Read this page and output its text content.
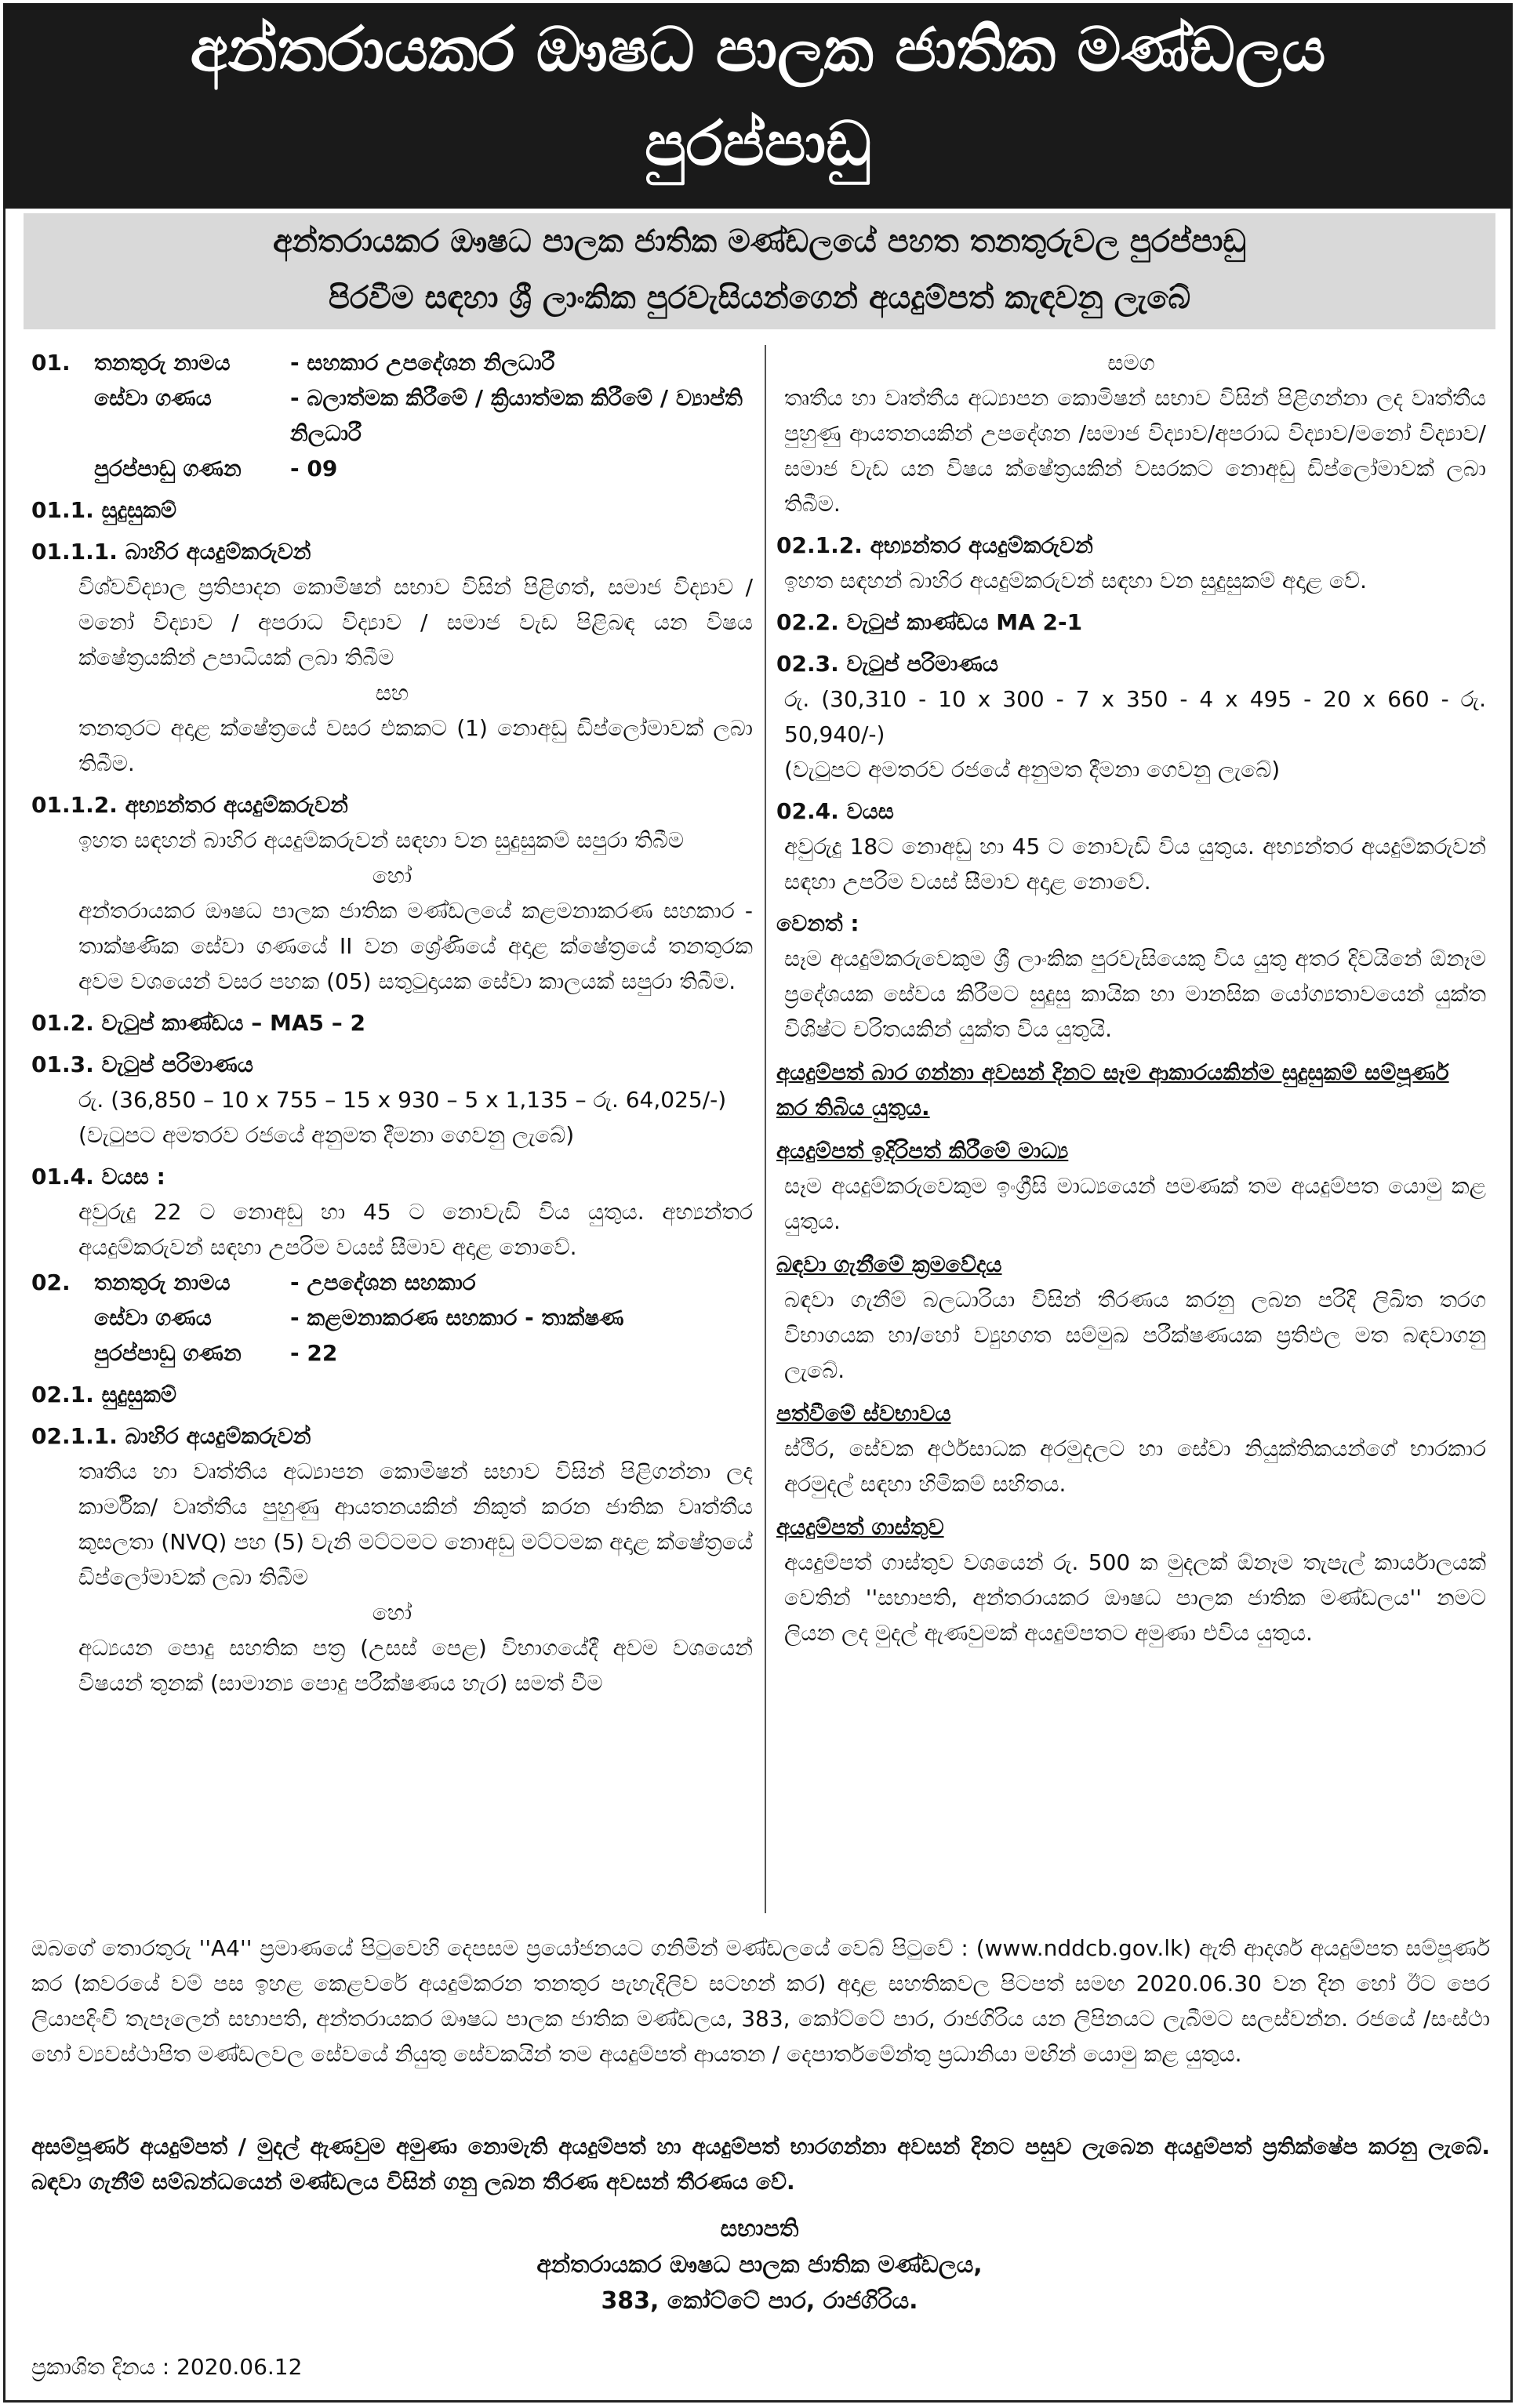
අන්තරායකර ඖෂධ පාලක ජාතික මණ්ඩලය
පුරප්පාඩු
අන්තරායකර ඖෂධ පාලක ජාතික මණ්ඩලයේ පහත තනතුරුවල පුරප්පාඩු
පිරවීම සඳහා ශ්‍රී ලාංකික පුරවැසියන්ගෙන් අයදුම්පත් කැඳවනු ලැබේ
01.	තනතුරු නාමය	- සහකාර උපදේශන නිලධාරී
සේවා ගණය	- බලාත්මක කිරීමේ / ක්‍රියාත්මක කිරීමේ / ව්‍යාප්ති නිලධාරී
පුරප්පාඩු ගණන	- 09
01.1. සුදුසුකම්
01.1.1. බාහිර අයදුම්කරුවන්
විශ්වවිද්‍යාල ප්‍රතිපාදන කොමිෂන් සභාව විසින් පිළිගත්, සමාජ විද්‍යාව / මනෝ විද්‍යාව / අපරාධ විද්‍යාව / සමාජ වැඩ පිළිබඳ යන විෂය ක්ෂේත්‍රයකින් උපාධියක් ලබා තිබීම
සහ
තනතුරට අදාළ ක්ෂේත්‍රයේ වසර එකකට (1) නොඅඩු ඩිප්ලෝමාවක් ලබා තිබීම.
01.1.2. අභ්‍යන්තර අයදුම්කරුවන්
ඉහත සඳහන් බාහිර අයදුම්කරුවන් සඳහා වන සුදුසුකම් සපුරා තිබීම
හෝ
අන්තරායකර ඖෂධ පාලක ජාතික මණ්ඩලයේ කළමනාකරණ සහකාර - තාක්ෂණික සේවා ගණයේ II වන ශ්‍රේණියේ අදාළ ක්ෂේත්‍රයේ තනතුරක අවම වශයෙන් වසර පහක (05) සතුටුදායක සේවා කාලයක් සපුරා තිබීම.
01.2. වැටුප් කාණ්ඩය – MA5 – 2
01.3. වැටුප් පරිමාණය
රු. (36,850 – 10 x 755 – 15 x 930 – 5 x 1,135 – රු. 64,025/-)
(වැටුපට අමතරව රජයේ අනුමත දීමනා ගෙවනු ලැබේ)
01.4. වයස :
අවුරුදු 22 ට නොඅඩු හා 45 ට නොවැඩි විය යුතුය. අභ්‍යන්තර අයදුම්කරුවන් සඳහා උපරිම වයස් සීමාව අදාළ නොවේ.
02.	තනතුරු නාමය	- උපදේශන සහකාර
සේවා ගණය	- කළමනාකරණ සහකාර - තාක්ෂණ
පුරප්පාඩු ගණන	- 22
02.1. සුදුසුකම්
02.1.1. බාහිර අයදුම්කරුවන්
තෘතීය හා වෘත්තීය අධ්‍යාපන කොමිෂන් සභාව විසින් පිළිගන්නා ලද කාර්මික/ වෘත්තීය පුහුණු ආයතනයකින් නිකුත් කරන ජාතික වෘත්තීය කුසලතා (NVQ) පහ (5) වැනි මට්ටමට නොඅඩු මට්ටමක අදාළ ක්ෂේත්‍රයේ ඩිප්ලෝමාවක් ලබා තිබීම
හෝ
අධ්‍යයන පොදු සහතික පත්‍ර (උසස් පෙළ) විභාගයේදී අවම වශයෙන් විෂයන් තුනක් (සාමාන්‍ය පොදු පරීක්ෂණය හැර) සමත් වීම
සමග
තෘතීය හා වෘත්තීය අධ්‍යාපන කොමිෂන් සභාව විසින් පිළිගන්නා ලද වෘත්තීය පුහුණු ආයතනයකින් උපදේශන /සමාජ විද්‍යාව/අපරාධ විද්‍යාව/මනෝ විද්‍යාව/සමාජ වැඩ යන විෂය ක්ෂේත්‍රයකින් වසරකට නොඅඩු ඩිප්ලෝමාවක් ලබා තිබීම.
02.1.2. අභ්‍යන්තර අයදුම්කරුවන්
ඉහත සඳහන් බාහිර අයදුම්කරුවන් සඳහා වන සුදුසුකම් අදාළ වේ.
02.2. වැටුප් කාණ්ඩය MA 2-1
02.3. වැටුප් පරිමාණය
රු. (30,310 - 10 x 300 - 7 x 350 - 4 x 495 - 20 x 660 - රු. 50,940/-)
(වැටුපට අමතරව රජයේ අනුමත දීමනා ගෙවනු ලැබේ)
02.4. වයස
අවුරුදු 18ට නොඅඩු හා 45 ට නොවැඩි විය යුතුය. අභ්‍යන්තර අයදුම්කරුවන් සඳහා උපරිම වයස් සීමාව අදාළ නොවේ.
වෙනත් :
සෑම අයදුම්කරුවෙකුම ශ්‍රී ලාංකික පුරවැසියෙකු විය යුතු අතර දිවයිනේ ඕනෑම ප්‍රදේශයක සේවය කිරීමට සුදුසු කායික හා මානසික යෝග්‍යතාවයෙන් යුක්ත විශිෂ්ට චරිතයකින් යුක්ත විය යුතුයි.
අයදුම්පත් බාර ගන්නා අවසන් දිනට සෑම ආකාරයකින්ම සුදුසුකම් සම්පූර්ණ කර තිබිය යුතුය.
අයදුම්පත් ඉදිරිපත් කිරීමේ මාධ්‍ය
සෑම අයදුම්කරුවෙකුම ඉංග්‍රීසි මාධ්‍යයෙන් පමණක් තම අයදුම්පත යොමු කළ යුතුය.
බඳවා ගැනීමේ ක්‍රමවේදය
බඳවා ගැනීම් බලධාරියා විසින් තීරණය කරනු ලබන පරිදි ලිඛිත තරග විභාගයක හා/හෝ ව්‍යුහගත සම්මුඛ පරීක්ෂණයක ප්‍රතිඵල මත බඳවාගනු ලැබේ.
පත්වීමේ ස්වභාවය
ස්ථිර, සේවක අර්ථසාධක අරමුදලට හා සේවා නියුක්තිකයන්ගේ භාරකාර අරමුදල් සඳහා හිමිකම් සහිතය.
අයදුම්පත් ගාස්තුව
අයදුම්පත් ගාස්තුව වශයෙන් රු. 500 ක මුදලක් ඕනෑම තැපැල් කාර්යාලයක් වෙතින් ''සභාපති, අන්තරායකර ඖෂධ පාලක ජාතික මණ්ඩලය'' නමට ලියන ලද මුදල් ඇණවුමක් අයදුම්පතට අමුණා එවිය යුතුය.
ඔබගේ තොරතුරු ''A4'' ප්‍රමාණයේ පිටුවෙහි දෙපසම ප්‍රයෝජනයට ගනිමින් මණ්ඩලයේ වෙබ් පිටුවේ : (www.nddcb.gov.lk) ඇති ආදර්ශ අයදුම්පත සම්පූර්ණ කර (කවරයේ වම් පස ඉහළ කෙළවරේ අයදුම්කරන තනතුර පැහැදිලිව සටහන් කර) අදාළ සහතිකවල පිටපත් සමඟ 2020.06.30 වන දින හෝ ඊට පෙර ලියාපදිංචි තැපෑලෙන් සභාපති, අන්තරායකර ඖෂධ පාලක ජාතික මණ්ඩලය, 383, කෝට්ටේ පාර, රාජගිරිය යන ලිපිනයට ලැබීමට සලස්වන්න. රජයේ /සංස්ථා හෝ ව්‍යවස්ථාපිත මණ්ඩලවල සේවයේ නියුතු සේවකයින් තම අයදුම්පත් ආයතන / දෙපාර්තමේන්තු ප්‍රධානියා මඟින් යොමු කළ යුතුය.
අසම්පූර්ණ අයදුම්පත් / මුදල් ඇණවුම අමුණා නොමැති අයදුම්පත් හා අයදුම්පත් භාරගන්නා අවසන් දිනට පසුව ලැබෙන අයදුම්පත් ප්‍රතික්ෂේප කරනු ලැබේ. බඳවා ගැනීම් සම්බන්ධයෙන් මණ්ඩලය විසින් ගනු ලබන තීරණ අවසන් තීරණය වේ.
සභාපති
අන්තරායකර ඖෂධ පාලක ජාතික මණ්ඩලය,
383, කෝට්ටේ පාර, රාජගිරිය.
ප්‍රකාශිත දිනය : 2020.06.12
